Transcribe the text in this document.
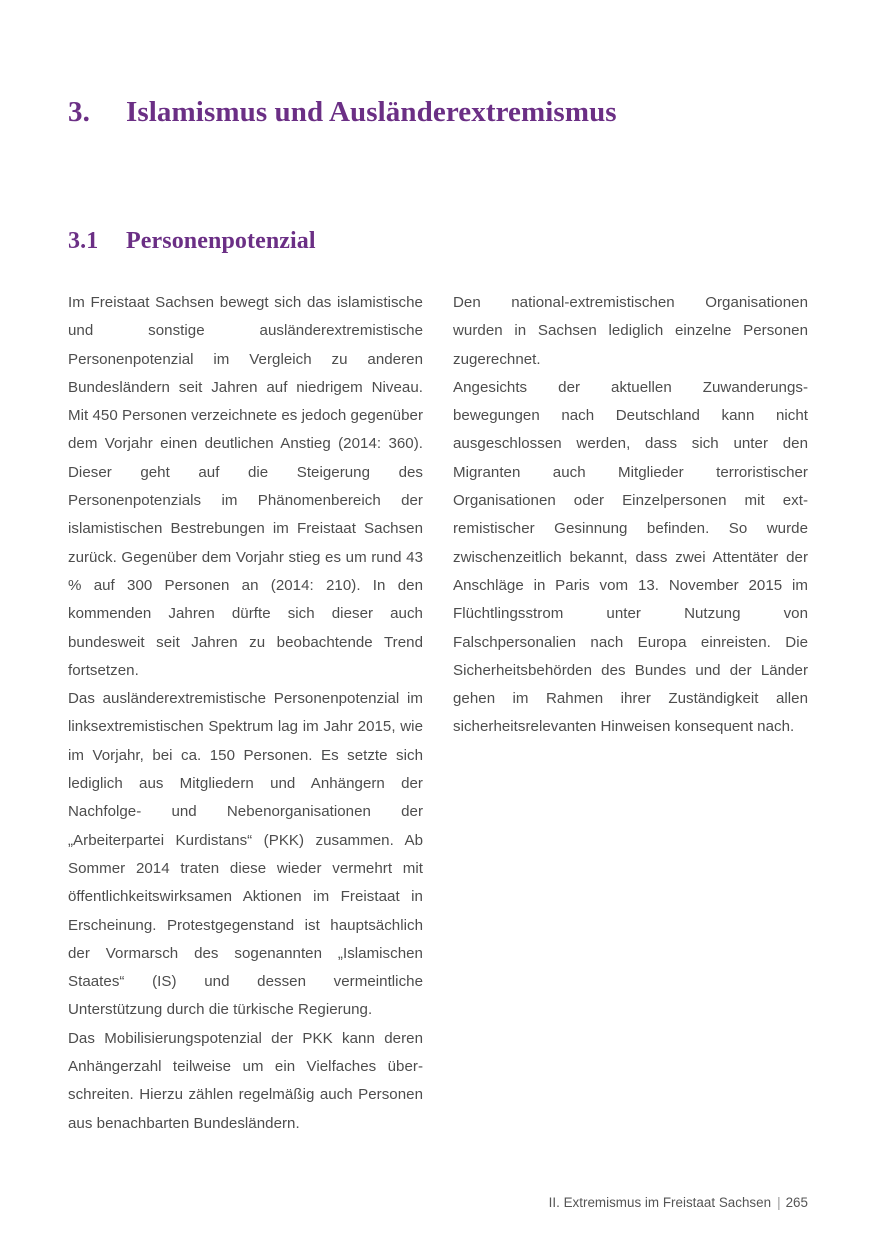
3. Islamismus und Ausländerextremismus
3.1 Personenpotenzial

Im Freistaat Sachsen bewegt sich das islamistische und sonstige ausländerextremistische Personenpotenzial im Vergleich zu anderen Bundesländern seit Jahren auf niedrigem Niveau. Mit 450 Personen verzeichnete es jedoch gegenüber dem Vorjahr einen deutlichen Anstieg (2014: 360). Dieser geht auf die Steigerung des Personenpotenzials im Phänomenbereich der islamistischen Bestrebungen im Freistaat Sachsen zurück. Gegenüber dem Vorjahr stieg es um rund 43 % auf 300 Personen an (2014: 210). In den kommenden Jahren dürfte sich dieser auch bundesweit seit Jahren zu beobachtende Trend fortsetzen.

Das ausländerextremistische Personenpotenzial im linksextremistischen Spektrum lag im Jahr 2015, wie im Vorjahr, bei ca. 150 Personen. Es setzte sich lediglich aus Mitgliedern und Anhängern der Nachfolge- und Nebenorganisationen der „Arbeiterpartei Kurdistans“ (PKK) zusammen. Ab Sommer 2014 traten diese wieder vermehrt mit öffentlichkeitswirksamen Aktionen im Freistaat in Erscheinung. Protestgegenstand ist hauptsächlich der Vormarsch des sogenannten „Islamischen Staates“ (IS) und dessen vermeintliche Unterstützung durch die türkische Regierung.

Das Mobilisierungspotenzial der PKK kann deren Anhängerzahl teilweise um ein Vielfaches überschreiten. Hierzu zählen regelmäßig auch Personen aus benachbarten Bundesländern.

Den national-extremistischen Organisationen wurden in Sachsen lediglich einzelne Personen zugerechnet.

Angesichts der aktuellen Zuwanderungsbewegungen nach Deutschland kann nicht ausgeschlossen werden, dass sich unter den Migranten auch Mitglieder terroristischer Organisationen oder Einzelpersonen mit extremistischer Gesinnung befinden. So wurde zwischenzeitlich bekannt, dass zwei Attentäter der Anschläge in Paris vom 13. November 2015 im Flüchtlingsstrom unter Nutzung von Falschpersonalien nach Europa einreisten. Die Sicherheitsbehörden des Bundes und der Länder gehen im Rahmen ihrer Zuständigkeit allen sicherheitsrelevanten Hinweisen konsequent nach.

II. Extremismus im Freistaat Sachsen | 265
